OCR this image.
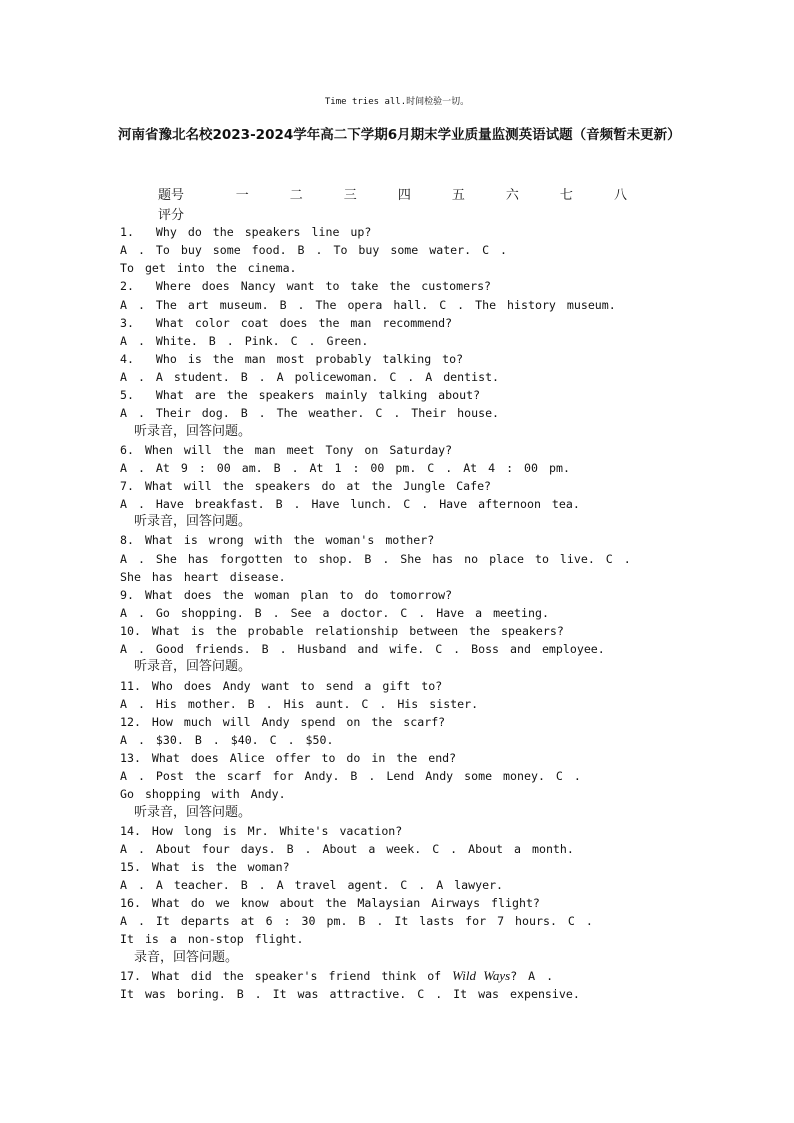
Time tries all.时间检验一切。
河南省豫北名校2023-2024学年高二下学期6月期末学业质量监测英语试题（音频暂未更新）
题号	一	二	三	四	五	六	七	八
评分
1.  Why do the speakers line up?
A . To buy some food. B . To buy some water. C .
To get into the cinema.
2.  Where does Nancy want to take the customers?
A . The art museum. B . The opera hall. C . The history museum.
3.  What color coat does the man recommend?
A . White. B . Pink. C . Green.
4.  Who is the man most probably talking to?
A . A student. B . A policewoman. C . A dentist.
5.  What are the speakers mainly talking about?
A . Their dog. B . The weather. C . Their house.
听录音，回答问题。
6. When will the man meet Tony on Saturday?
A . At 9 : 00 am. B . At 1 : 00 pm. C . At 4 : 00 pm.
7. What will the speakers do at the Jungle Cafe?
A . Have breakfast. B . Have lunch. C . Have afternoon tea.
听录音，回答问题。
8. What is wrong with the woman's mother?
A . She has forgotten to shop. B . She has no place to live. C .
She has heart disease.
9. What does the woman plan to do tomorrow?
A . Go shopping. B . See a doctor. C . Have a meeting.
10. What is the probable relationship between the speakers?
A . Good friends. B . Husband and wife. C . Boss and employee.
听录音，回答问题。
11. Who does Andy want to send a gift to?
A . His mother. B . His aunt. C . His sister.
12. How much will Andy spend on the scarf?
A . $30. B . $40. C . $50.
13. What does Alice offer to do in the end?
A . Post the scarf for Andy. B . Lend Andy some money. C .
Go shopping with Andy.
听录音，回答问题。
14. How long is Mr. White's vacation?
A . About four days. B . About a week. C . About a month.
15. What is the woman?
A . A teacher. B . A travel agent. C . A lawyer.
16. What do we know about the Malaysian Airways flight?
A . It departs at 6 : 30 pm. B . It lasts for 7 hours. C .
It is a non-stop flight.
录音，回答问题。
17. What did the speaker's friend think of Wild Ways? A .
It was boring. B . It was attractive. C . It was expensive.
